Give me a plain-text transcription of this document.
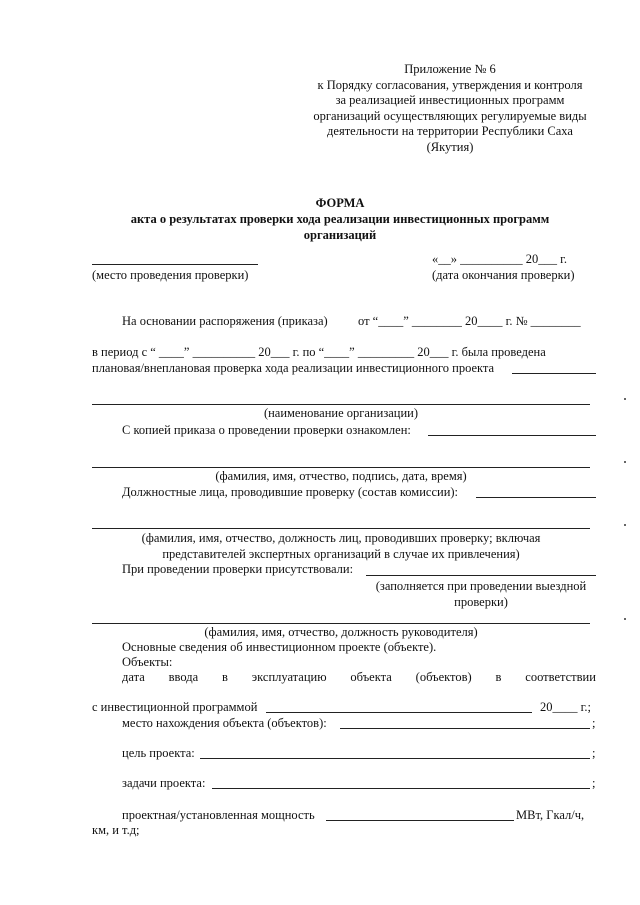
Приложение № 6
к Порядку согласования, утверждения и контроля
за реализацией инвестиционных программ
организаций осуществляющих регулируемые виды
деятельности на территории Республики Саха
(Якутия)
ФОРМА
акта о результатах проверки хода реализации инвестиционных программ
организаций
(место проведения проверки)
«__» __________ 20___ г.
(дата окончания проверки)
На основании распоряжения (приказа) от “____” ________ 20____ г. № ________
в период с “ ____” __________ 20___ г. по “____” _________ 20___ г. была проведена
плановая/внеплановая проверка хода реализации инвестиционного проекта
(наименование организации)
С копией приказа о проведении проверки ознакомлен:
(фамилия, имя, отчество, подпись, дата, время)
Должностные лица, проводившие проверку (состав комиссии):
(фамилия, имя, отчество, должность лиц, проводивших проверку; включая
представителей экспертных организаций в случае их привлечения)
При проведении проверки присутствовали:
(заполняется при проведении выездной
проверки)
(фамилия, имя, отчество, должность руководителя)
Основные сведения об инвестиционном проекте (объекте).
Объекты:
дата ввода в эксплуатацию объекта (объектов) в соответствии
с инвестиционной программой	20____ г.;
место нахождения объекта (объектов):	;
цель проекта:	;
задачи проекта:	;
проектная/установленная мощность	МВт, Гкал/ч,
км, и т.д;
